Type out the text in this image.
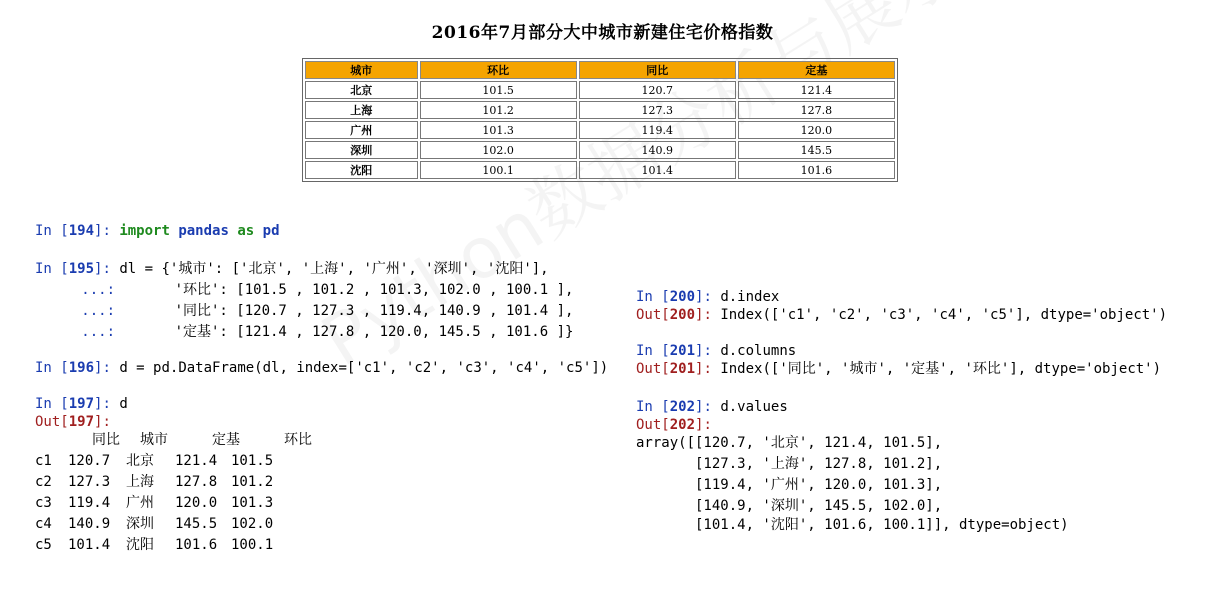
2016年7月部分大中城市新建住宅价格指数
城市	环比	同比	定基
北京	101.5	120.7	121.4
上海	101.2	127.3	127.8
广州	101.3	119.4	120.0
深圳	102.0	140.9	145.5
沈阳	100.1	101.4	101.6
In [194]: import pandas as pd
In [195]: dl = {'城市': ['北京', '上海', '广州', '深圳', '沈阳'],
...:      '环比': [101.5 , 101.2 , 101.3, 102.0 , 100.1 ],
...:      '同比': [120.7 , 127.3 , 119.4, 140.9 , 101.4 ],
...:      '定基': [121.4 , 127.8 , 120.0, 145.5 , 101.6 ]}
In [196]: d = pd.DataFrame(dl, index=['c1', 'c2', 'c3', 'c4', 'c5'])
In [197]: d
Out[197]:
同比 城市	定基	环比
c1 120.7 北京 121.4 101.5
c2 127.3 上海 127.8 101.2
c3 119.4 广州 120.0 101.3
c4 140.9 深圳 145.5 102.0
c5 101.4 沈阳 101.6 100.1
In [200]: d.index
Out[200]: Index(['c1', 'c2', 'c3', 'c4', 'c5'], dtype='object')
In [201]: d.columns
Out[201]: Index(['同比', '城市', '定基', '环比'], dtype='object')
In [202]: d.values
Out[202]:
array([[120.7, '北京', 121.4, 101.5],
[127.3, '上海', 127.8, 101.2],
[119.4, '广州', 120.0, 101.3],
[140.9, '深圳', 145.5, 102.0],
[101.4, '沈阳', 101.6, 100.1]], dtype=object)
